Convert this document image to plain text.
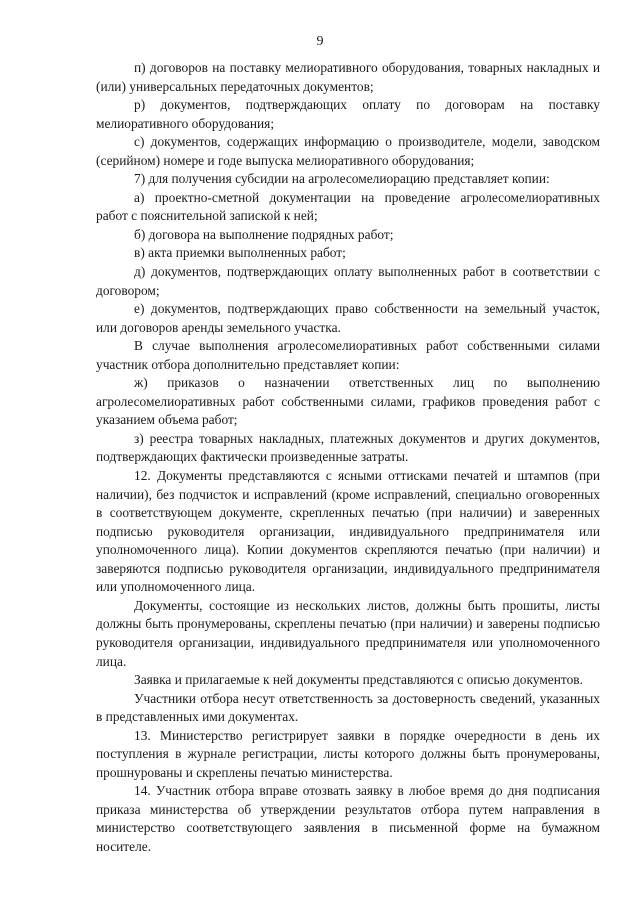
9

п) договоров на поставку мелиоративного оборудования, товарных накладных и (или) универсальных передаточных документов;

р) документов, подтверждающих оплату по договорам на поставку мелиоративного оборудования;

с) документов, содержащих информацию о производителе, модели, заводском (серийном) номере и годе выпуска мелиоративного оборудования;

7) для получения субсидии на агролесомелиорацию представляет копии:

а) проектно-сметной документации на проведение агролесомелиоративных работ с пояснительной запиской к ней;

б) договора на выполнение подрядных работ;

в) акта приемки выполненных работ;

д) документов, подтверждающих оплату выполненных работ в соответствии с договором;

е) документов, подтверждающих право собственности на земельный участок, или договоров аренды земельного участка.

В случае выполнения агролесомелиоративных работ собственными силами участник отбора дополнительно представляет копии:

ж) приказов о назначении ответственных лиц по выполнению агролесомелиоративных работ собственными силами, графиков проведения работ с указанием объема работ;

з) реестра товарных накладных, платежных документов и других документов, подтверждающих фактически произведенные затраты.

12. Документы представляются с ясными оттисками печатей и штампов (при наличии), без подчисток и исправлений (кроме исправлений, специально оговоренных в соответствующем документе, скрепленных печатью (при наличии) и заверенных подписью руководителя организации, индивидуального предпринимателя или уполномоченного лица). Копии документов скрепляются печатью (при наличии) и заверяются подписью руководителя организации, индивидуального предпринимателя или уполномоченного лица.

Документы, состоящие из нескольких листов, должны быть прошиты, листы должны быть пронумерованы, скреплены печатью (при наличии) и заверены подписью руководителя организации, индивидуального предпринимателя или уполномоченного лица.

Заявка и прилагаемые к ней документы представляются с описью документов.

Участники отбора несут ответственность за достоверность сведений, указанных в представленных ими документах.

13. Министерство регистрирует заявки в порядке очередности в день их поступления в журнале регистрации, листы которого должны быть пронумерованы, прошнурованы и скреплены печатью министерства.

14. Участник отбора вправе отозвать заявку в любое время до дня подписания приказа министерства об утверждении результатов отбора путем направления в министерство соответствующего заявления в письменной форме на бумажном носителе.
